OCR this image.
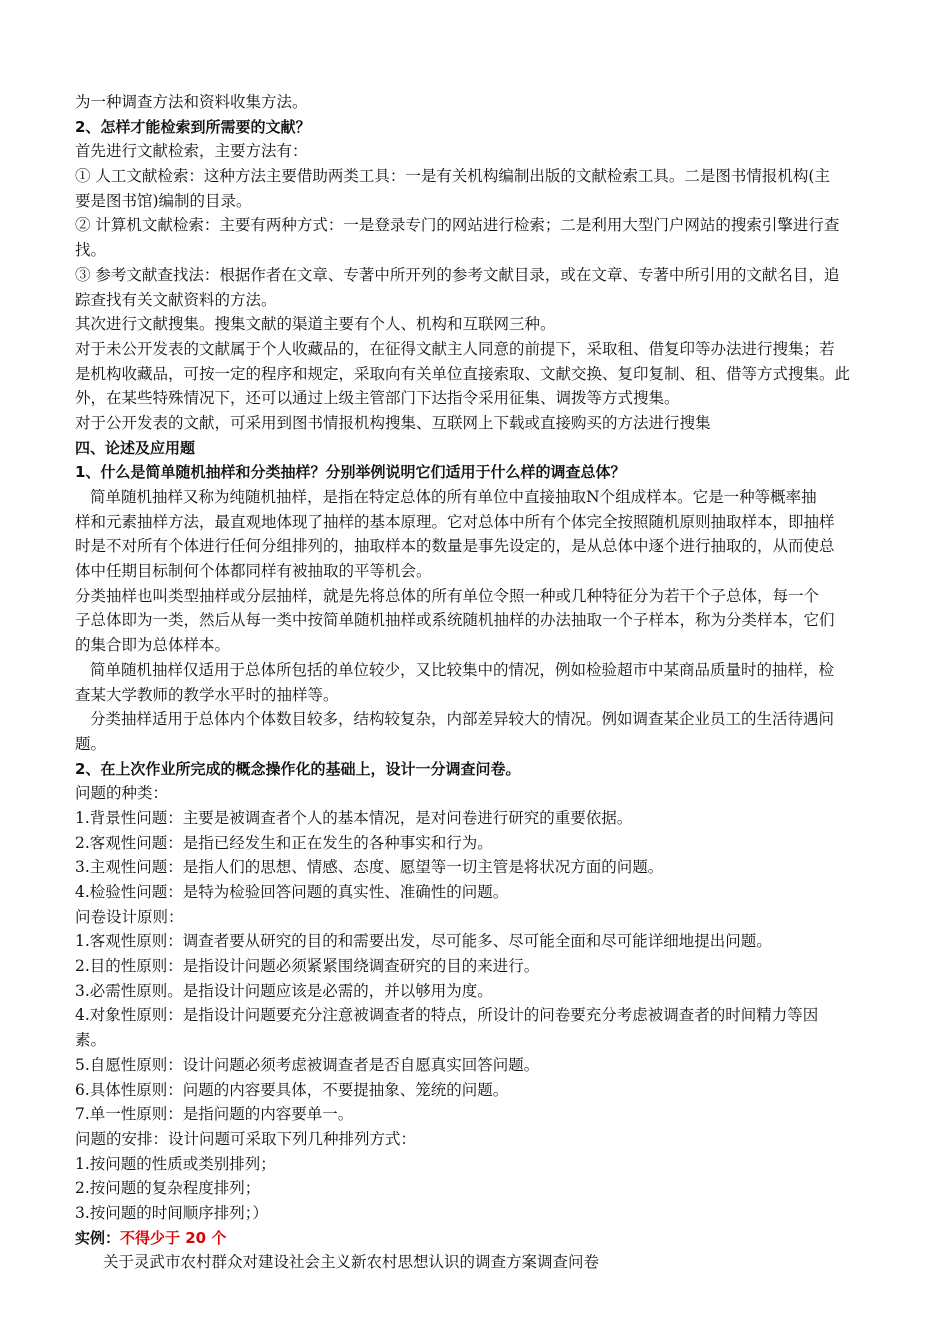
为一种调查方法和资料收集方法。
2、怎样才能检索到所需要的文献？
首先进行文献检索，主要方法有：
① 人工文献检索：这种方法主要借助两类工具：一是有关机构编制出版的文献检索工具。二是图书情报机构(主
要是图书馆)编制的目录。
② 计算机文献检索：主要有两种方式：一是登录专门的网站进行检索；二是利用大型门户网站的搜索引擎进行查
找。
③ 参考文献查找法：根据作者在文章、专著中所开列的参考文献目录，或在文章、专著中所引用的文献名目，追
踪查找有关文献资料的方法。
其次进行文献搜集。搜集文献的渠道主要有个人、机构和互联网三种。
对于未公开发表的文献属于个人收藏品的，在征得文献主人同意的前提下，采取租、借复印等办法进行搜集；若
是机构收藏品，可按一定的程序和规定，采取向有关单位直接索取、文献交换、复印复制、租、借等方式搜集。此
外，在某些特殊情况下，还可以通过上级主管部门下达指令采用征集、调拨等方式搜集。
对于公开发表的文献，可采用到图书情报机构搜集、互联网上下载或直接购买的方法进行搜集
四、论述及应用题
1、什么是简单随机抽样和分类抽样？分别举例说明它们适用于什么样的调查总体？
简单随机抽样又称为纯随机抽样，是指在特定总体的所有单位中直接抽取N个组成样本。它是一种等概率抽
样和元素抽样方法，最直观地体现了抽样的基本原理。它对总体中所有个体完全按照随机原则抽取样本，即抽样
时是不对所有个体进行任何分组排列的，抽取样本的数量是事先设定的，是从总体中逐个进行抽取的，从而使总
体中任期目标制何个体都同样有被抽取的平等机会。
分类抽样也叫类型抽样或分层抽样，就是先将总体的所有单位令照一种或几种特征分为若干个子总体，每一个
子总体即为一类，然后从每一类中按简单随机抽样或系统随机抽样的办法抽取一个子样本，称为分类样本，它们
的集合即为总体样本。
简单随机抽样仅适用于总体所包括的单位较少，又比较集中的情况，例如检验超市中某商品质量时的抽样，检
查某大学教师的教学水平时的抽样等。
分类抽样适用于总体内个体数目较多，结构较复杂，内部差异较大的情况。例如调查某企业员工的生活待遇问
题。
2、在上次作业所完成的概念操作化的基础上，设计一分调查问卷。
问题的种类：
1.背景性问题：主要是被调查者个人的基本情况，是对问卷进行研究的重要依据。
2.客观性问题：是指已经发生和正在发生的各种事实和行为。
3.主观性问题：是指人们的思想、情感、态度、愿望等一切主管是将状况方面的问题。
4.检验性问题：是特为检验回答问题的真实性、准确性的问题。
问卷设计原则：
1.客观性原则：调查者要从研究的目的和需要出发，尽可能多、尽可能全面和尽可能详细地提出问题。
2.目的性原则：是指设计问题必须紧紧围绕调查研究的目的来进行。
3.必需性原则。是指设计问题应该是必需的，并以够用为度。
4.对象性原则：是指设计问题要充分注意被调查者的特点，所设计的问卷要充分考虑被调查者的时间精力等因
素。
5.自愿性原则：设计问题必须考虑被调查者是否自愿真实回答问题。
6.具体性原则：问题的内容要具体，不要提抽象、笼统的问题。
7.单一性原则：是指问题的内容要单一。
问题的安排：设计问题可采取下列几种排列方式：
1.按问题的性质或类别排列；
2.按问题的复杂程度排列；
3.按问题的时间顺序排列；）
实例：不得少于 20 个
关于灵武市农村群众对建设社会主义新农村思想认识的调查方案调查问卷
